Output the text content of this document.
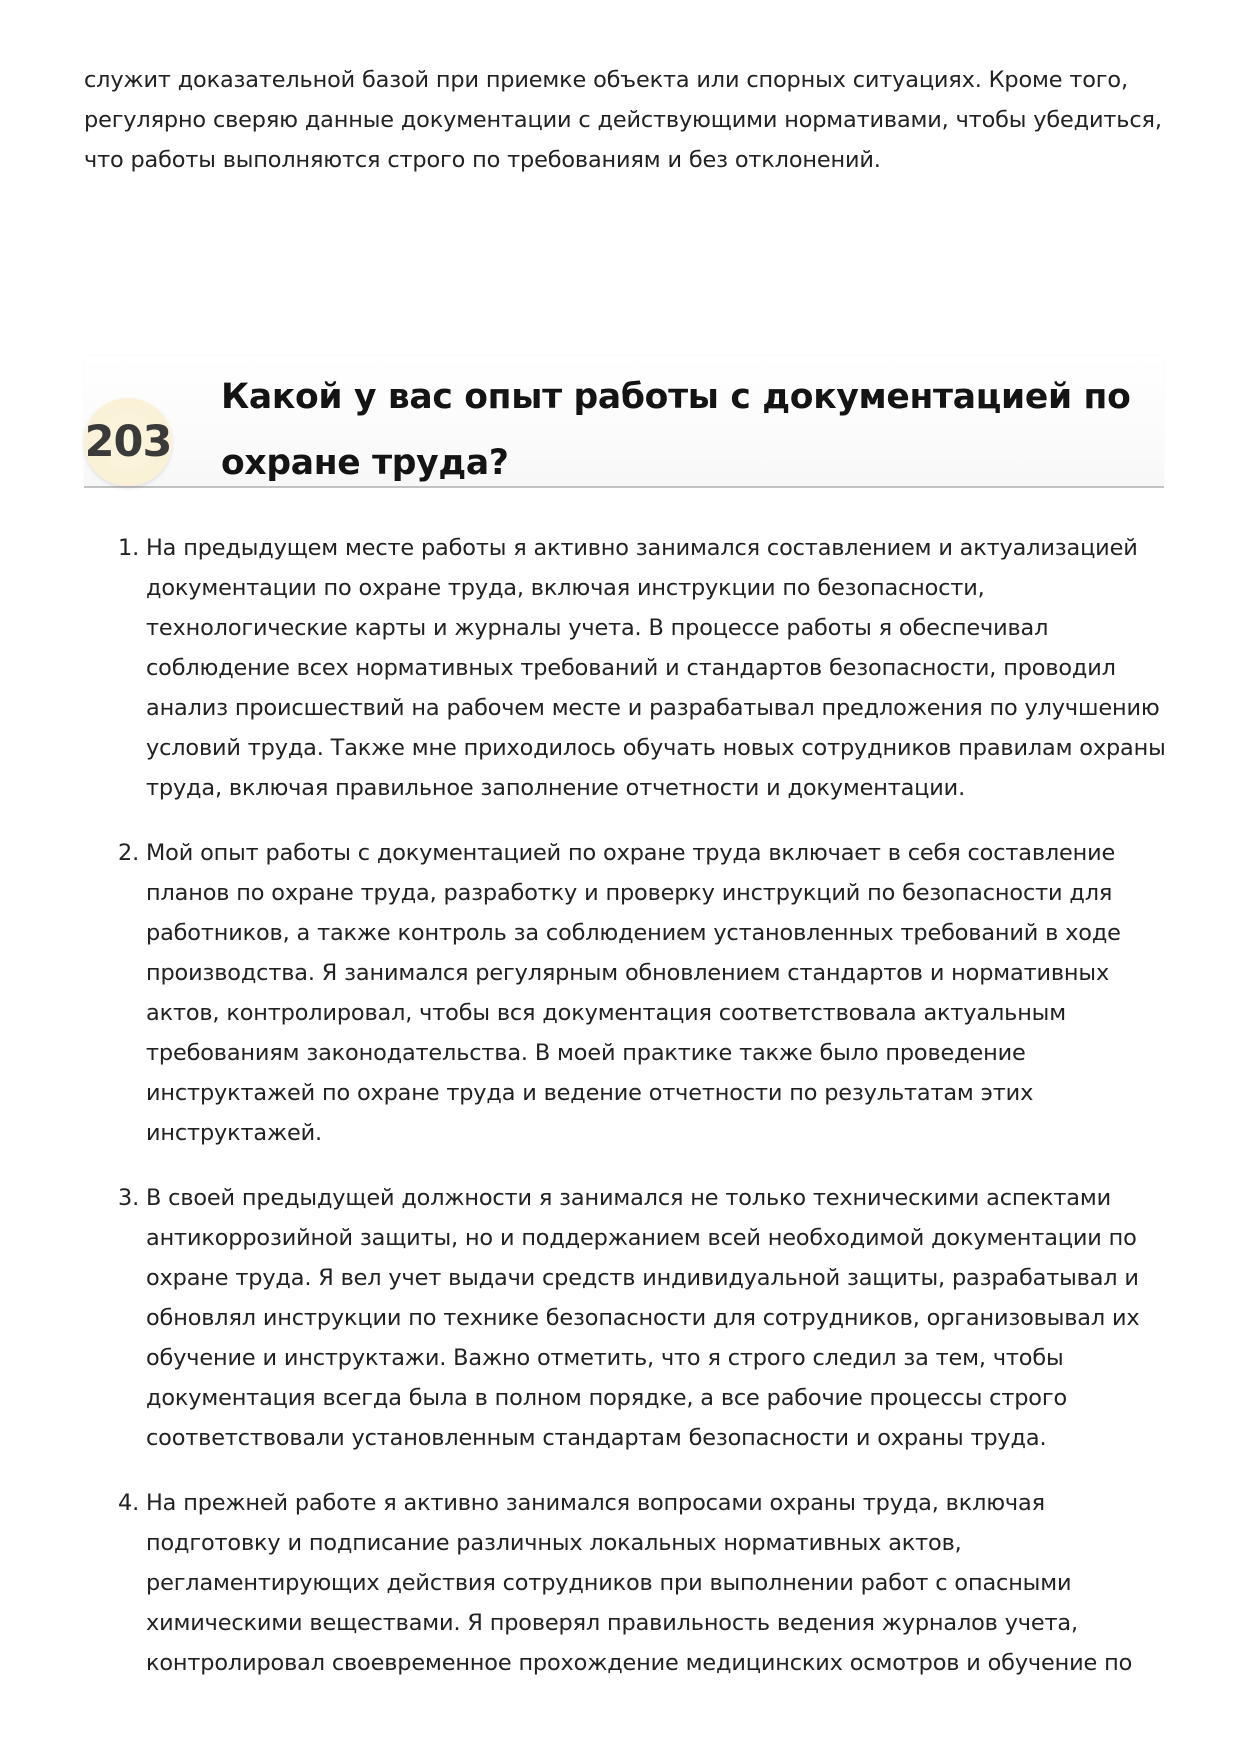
служит доказательной базой при приемке объекта или спорных ситуациях. Кроме того,
регулярно сверяю данные документации с действующими нормативами, чтобы убедиться,
что работы выполняются строго по требованиям и без отклонений.

203
Какой у вас опыт работы с документацией по
охране труда?
1. На предыдущем месте работы я активно занимался составлением и актуализацией
документации по охране труда, включая инструкции по безопасности,
технологические карты и журналы учета. В процессе работы я обеспечивал
соблюдение всех нормативных требований и стандартов безопасности, проводил
анализ происшествий на рабочем месте и разрабатывал предложения по улучшению
условий труда. Также мне приходилось обучать новых сотрудников правилам охраны
труда, включая правильное заполнение отчетности и документации.
2. Мой опыт работы с документацией по охране труда включает в себя составление
планов по охране труда, разработку и проверку инструкций по безопасности для
работников, а также контроль за соблюдением установленных требований в ходе
производства. Я занимался регулярным обновлением стандартов и нормативных
актов, контролировал, чтобы вся документация соответствовала актуальным
требованиям законодательства. В моей практике также было проведение
инструктажей по охране труда и ведение отчетности по результатам этих
инструктажей.
3. В своей предыдущей должности я занимался не только техническими аспектами
антикоррозийной защиты, но и поддержанием всей необходимой документации по
охране труда. Я вел учет выдачи средств индивидуальной защиты, разрабатывал и
обновлял инструкции по технике безопасности для сотрудников, организовывал их
обучение и инструктажи. Важно отметить, что я строго следил за тем, чтобы
документация всегда была в полном порядке, а все рабочие процессы строго
соответствовали установленным стандартам безопасности и охраны труда.
4. На прежней работе я активно занимался вопросами охраны труда, включая
подготовку и подписание различных локальных нормативных актов,
регламентирующих действия сотрудников при выполнении работ с опасными
химическими веществами. Я проверял правильность ведения журналов учета,
контролировал своевременное прохождение медицинских осмотров и обучение по
